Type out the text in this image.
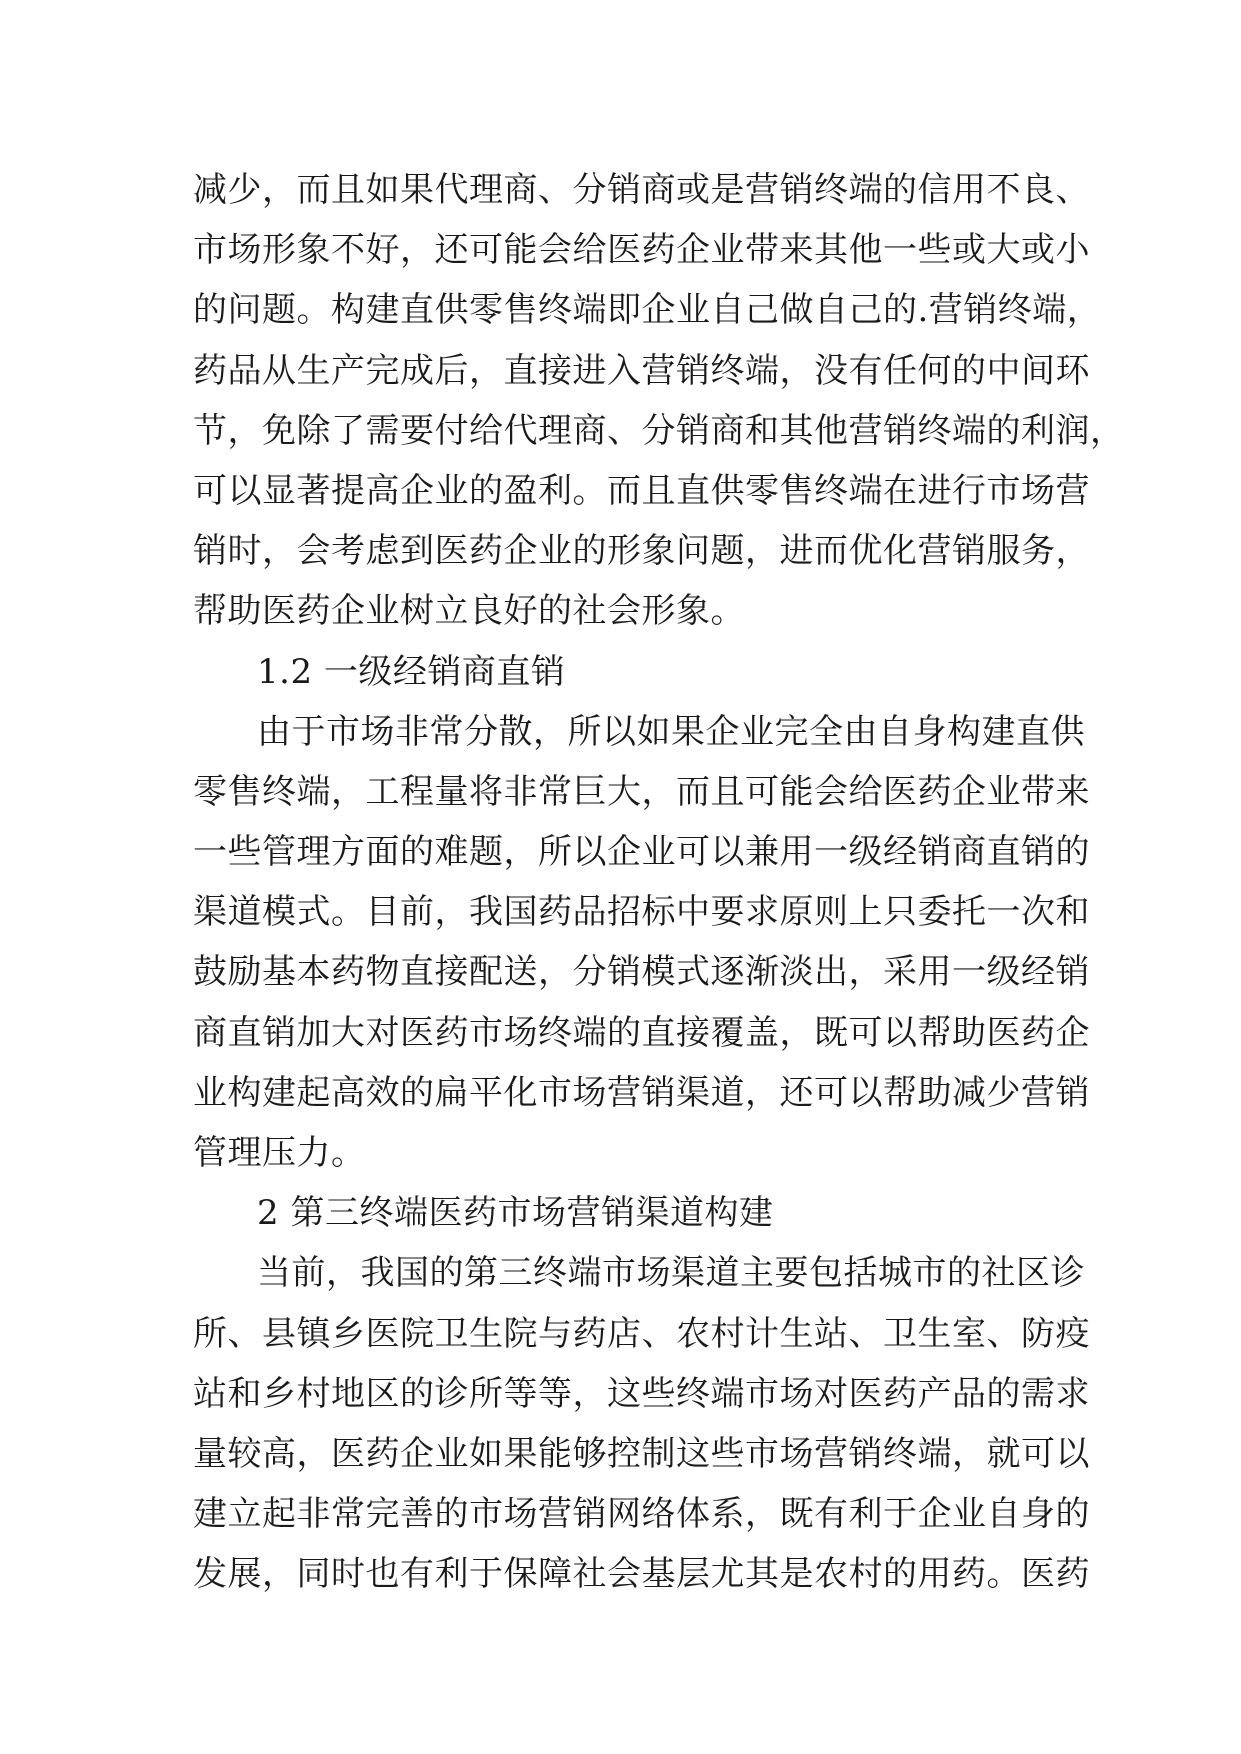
减少，而且如果代理商、分销商或是营销终端的信用不良、
市场形象不好，还可能会给医药企业带来其他一些或大或小
的问题。构建直供零售终端即企业自己做自己的.营销终端，
药品从生产完成后，直接进入营销终端，没有任何的中间环
节，免除了需要付给代理商、分销商和其他营销终端的利润，
可以显著提高企业的盈利。而且直供零售终端在进行市场营
销时，会考虑到医药企业的形象问题，进而优化营销服务，
帮助医药企业树立良好的社会形象。
1.2 一级经销商直销
由于市场非常分散，所以如果企业完全由自身构建直供
零售终端，工程量将非常巨大，而且可能会给医药企业带来
一些管理方面的难题，所以企业可以兼用一级经销商直销的
渠道模式。目前，我国药品招标中要求原则上只委托一次和
鼓励基本药物直接配送，分销模式逐渐淡出，采用一级经销
商直销加大对医药市场终端的直接覆盖，既可以帮助医药企
业构建起高效的扁平化市场营销渠道，还可以帮助减少营销
管理压力。
2 第三终端医药市场营销渠道构建
当前，我国的第三终端市场渠道主要包括城市的社区诊
所、县镇乡医院卫生院与药店、农村计生站、卫生室、防疫
站和乡村地区的诊所等等，这些终端市场对医药产品的需求
量较高，医药企业如果能够控制这些市场营销终端，就可以
建立起非常完善的市场营销网络体系，既有利于企业自身的
发展，同时也有利于保障社会基层尤其是农村的用药。医药
